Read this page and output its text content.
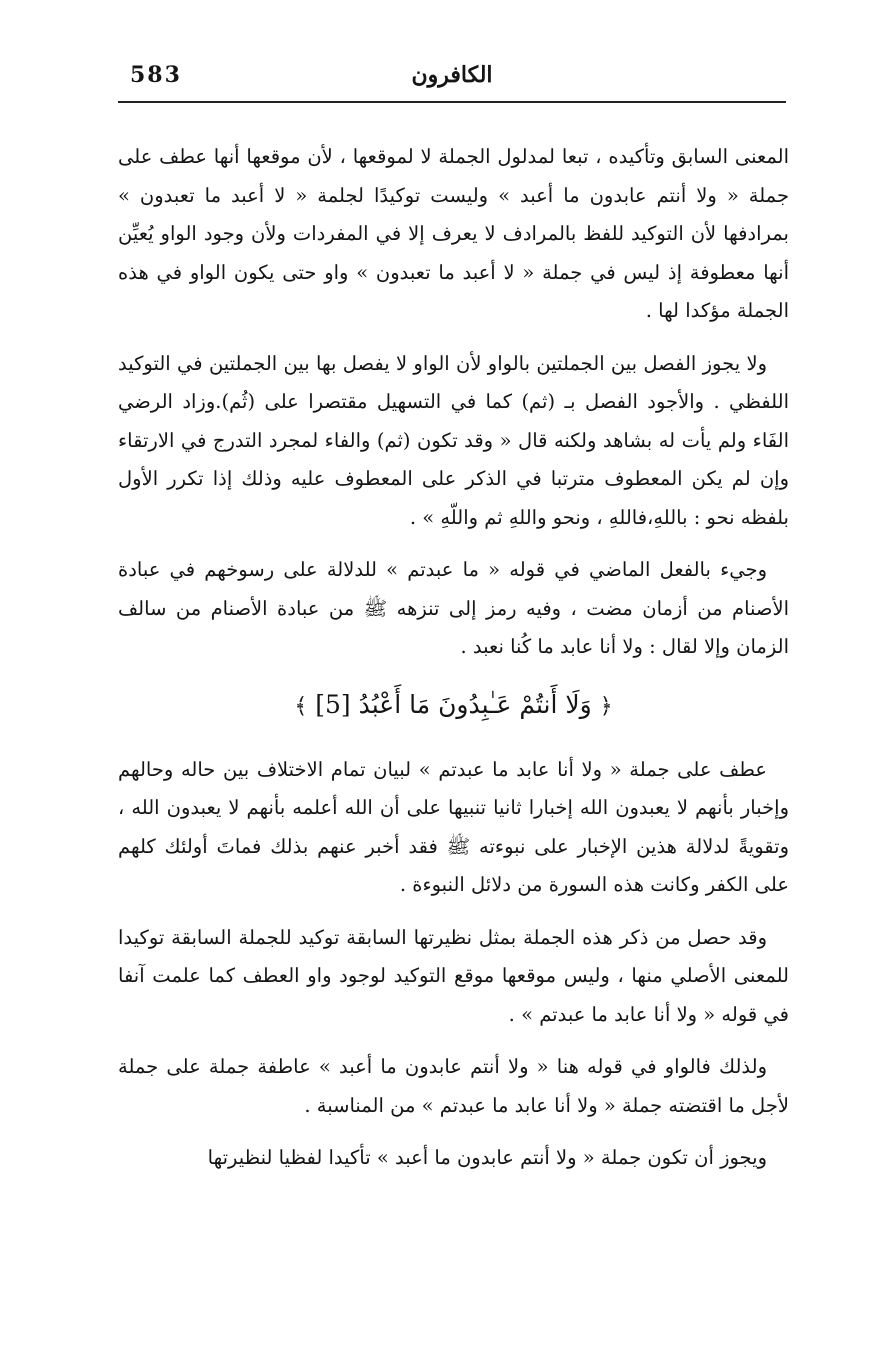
583	الكافرون

المعنى السابق وتأكيده ، تبعا لمدلول الجملة لا لموقعها ، لأن موقعها أنها عطف على جملة « ولا أنتم عابدون ما أعبد » وليست توكيدًا لجلمة « لا أعبد ما تعبدون » بمرادفها لأن التوكيد للفظ بالمرادف لا يعرف إلا في المفردات ولأن وجود الواو يُعيِّن أنها معطوفة إذ ليس في جملة « لا أعبد ما تعبدون » واو حتى يكون الواو في هذه الجملة مؤكدا لها .

ولا يجوز الفصل بين الجملتين بالواو لأن الواو لا يفصل بها بين الجملتين في التوكيد اللفظي . والأجود الفصل بـ (ثم) كما في التسهيل مقتصرا على (ثُم).وزاد الرضي الفَاء ولم يأت له بشاهد ولكنه قال « وقد تكون (ثم) والفاء لمجرد التدرج في الارتقاء وإن لم يكن المعطوف مترتبا في الذكر على المعطوف عليه وذلك إذا تكرر الأول بلفظه نحو : باللهِ،فاللهِ ، ونحو واللهِ ثم واللّهِ » .

وجيء بالفعل الماضي في قوله « ما عبدتم » للدلالة على رسوخهم في عبادة الأصنام من أزمان مضت ، وفيه رمز إلى تنزهه ﷺ من عبادة الأصنام من سالف الزمان وإلا لقال : ولا أنا عابد ما كُنا نعبد .

﴿ وَلَا أَنتُمْ عَـٰبِدُونَ مَا أَعْبُدُ [5] ﴾

عطف على جملة « ولا أنا عابد ما عبدتم » لبيان تمام الاختلاف بين حاله وحالهم وإخبار بأنهم لا يعبدون الله إخبارا ثانيا تنبيها على أن الله أعلمه بأنهم لا يعبدون الله ، وتقويةً لدلالة هذين الإخبار على نبوءته ﷺ فقد أخبر عنهم بذلك فماتَ أولئك كلهم على الكفر وكانت هذه السورة من دلائل النبوءة .

وقد حصل من ذكر هذه الجملة بمثل نظيرتها السابقة توكيد للجملة السابقة توكيدا للمعنى الأصلي منها ، وليس موقعها موقع التوكيد لوجود واو العطف كما علمت آنفا في قوله « ولا أنا عابد ما عبدتم » .

ولذلك فالواو في قوله هنا « ولا أنتم عابدون ما أعبد » عاطفة جملة على جملة لأجل ما اقتضته جملة « ولا أنا عابد ما عبدتم » من المناسبة .

ويجوز أن تكون جملة « ولا أنتم عابدون ما أعبد » تأكيدا لفظيا لنظيرتها
